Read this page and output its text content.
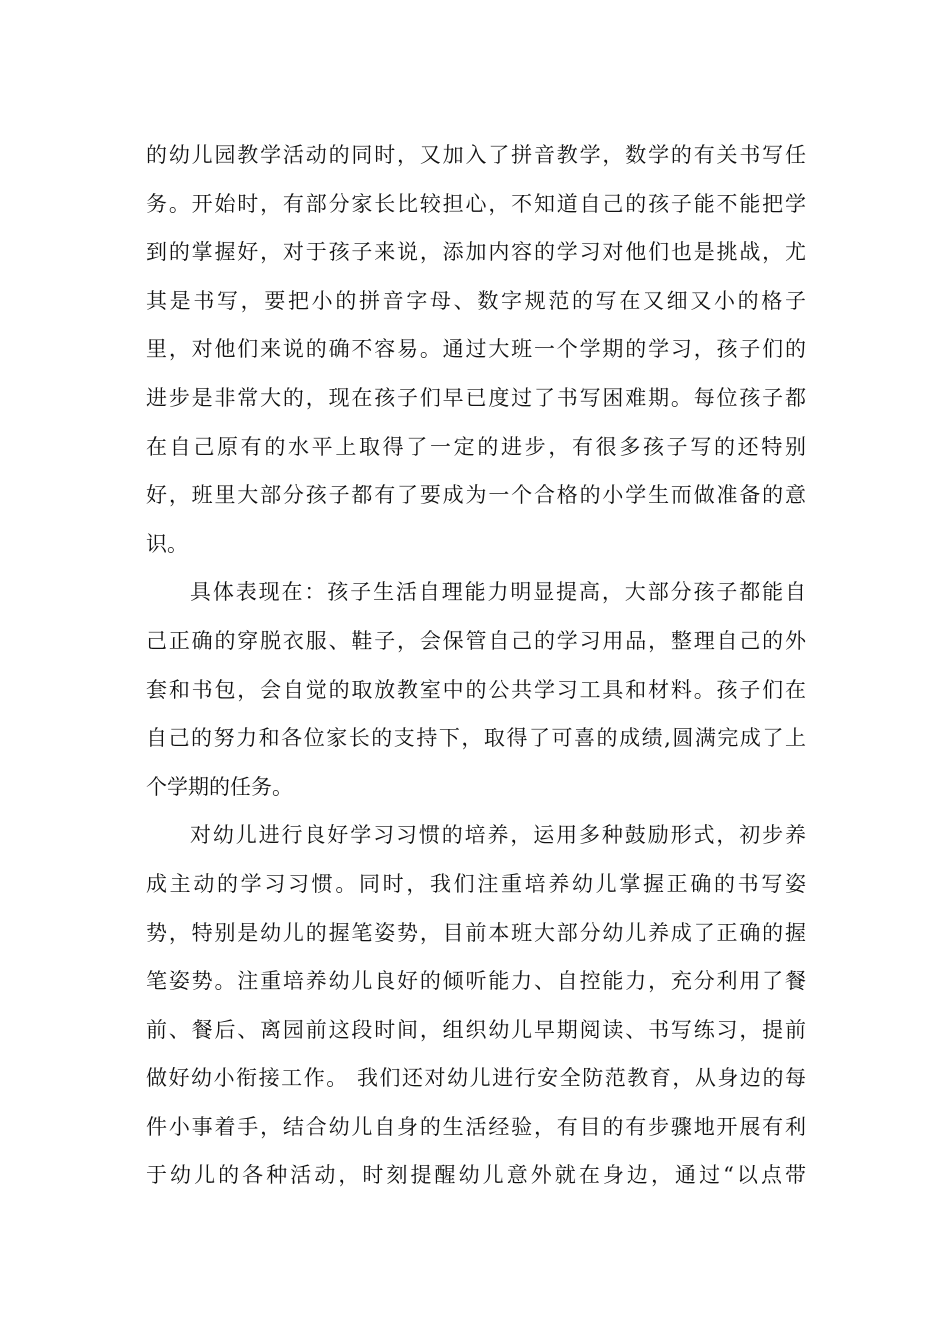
的幼儿园教学活动的同时，又加入了拼音教学，数学的有关书写任
务。开始时，有部分家长比较担心，不知道自己的孩子能不能把学
到的掌握好，对于孩子来说，添加内容的学习对他们也是挑战，尤
其是书写，要把小的拼音字母、数字规范的写在又细又小的格子
里，对他们来说的确不容易。通过大班一个学期的学习，孩子们的
进步是非常大的，现在孩子们早已度过了书写困难期。每位孩子都
在自己原有的水平上取得了一定的进步，有很多孩子写的还特别
好，班里大部分孩子都有了要成为一个合格的小学生而做准备的意
识。
具体表现在：孩子生活自理能力明显提高，大部分孩子都能自
己正确的穿脱衣服、鞋子，会保管自己的学习用品，整理自己的外
套和书包，会自觉的取放教室中的公共学习工具和材料。孩子们在
自己的努力和各位家长的支持下，取得了可喜的成绩,圆满完成了上
个学期的任务。
对幼儿进行良好学习习惯的培养，运用多种鼓励形式，初步养
成主动的学习习惯。同时，我们注重培养幼儿掌握正确的书写姿
势，特别是幼儿的握笔姿势，目前本班大部分幼儿养成了正确的握
笔姿势。注重培养幼儿良好的倾听能力、自控能力，充分利用了餐
前、餐后、离园前这段时间，组织幼儿早期阅读、书写练习，提前
做好幼小衔接工作。 我们还对幼儿进行安全防范教育，从身边的每
件小事着手，结合幼儿自身的生活经验，有目的有步骤地开展有利
于幼儿的各种活动，时刻提醒幼儿意外就在身边，通过“以点带
